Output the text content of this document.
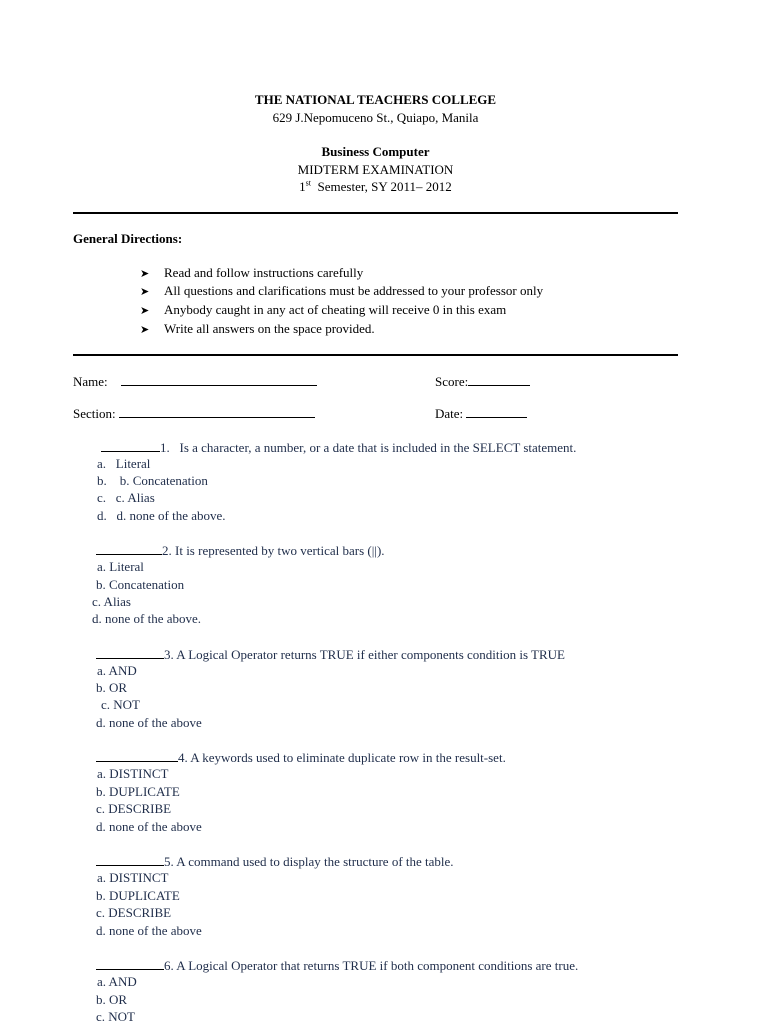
THE NATIONAL TEACHERS COLLEGE
629 J.Nepomuceno St., Quiapo, Manila
Business Computer
MIDTERM EXAMINATION
1st  Semester, SY 2011– 2012
General Directions:
➤ Read and follow instructions carefully
➤ All questions and clarifications must be addressed to your professor only
➤ Anybody caught in any act of cheating will receive 0 in this exam
➤ Write all answers on the space provided.
Name:	Score:
Section:	Date:
1.   Is a character, a number, or a date that is included in the SELECT statement.
a.   Literal
b.    b. Concatenation
c.   c. Alias
d.   d. none of the above.
2. It is represented by two vertical bars (||).
a. Literal
b. Concatenation
c. Alias
d. none of the above.
3. A Logical Operator returns TRUE if either components condition is TRUE
a. AND
b. OR
c. NOT
d. none of the above
4. A keywords used to eliminate duplicate row in the result-set.
a. DISTINCT
b. DUPLICATE
c. DESCRIBE
d. none of the above
5. A command used to display the structure of the table.
a. DISTINCT
b. DUPLICATE
c. DESCRIBE
d. none of the above
6. A Logical Operator that returns TRUE if both component conditions are true.
a. AND
b. OR
c. NOT
